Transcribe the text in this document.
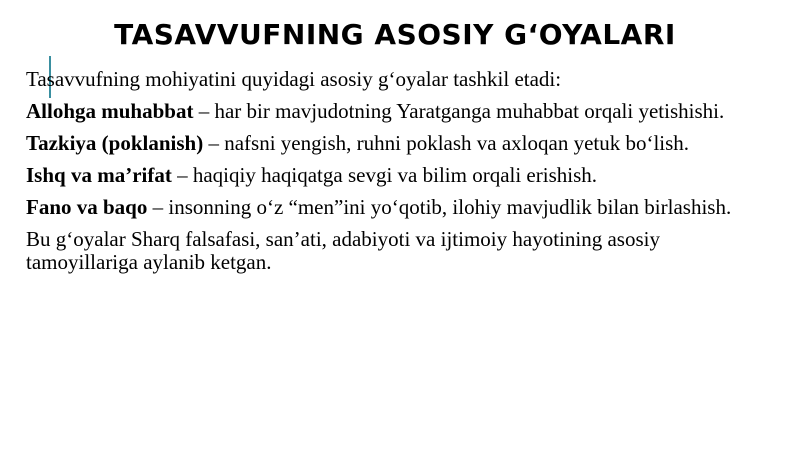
TASAVVUFNING ASOSIY G‘OYALARI

Tasavvufning mohiyatini quyidagi asosiy g‘oyalar tashkil etadi:

Allohga muhabbat – har bir mavjudotning Yaratganga muhabbat orqali yetishishi.

Tazkiya (poklanish) – nafsni yengish, ruhni poklash va axloqan yetuk bo‘lish.

Ishq va ma’rifat – haqiqiy haqiqatga sevgi va bilim orqali erishish.

Fano va baqo – insonning o‘z “men”ini yo‘qotib, ilohiy mavjudlik bilan birlashish.

Bu g‘oyalar Sharq falsafasi, san’ati, adabiyoti va ijtimoiy hayotining asosiy tamoyillariga aylanib ketgan.
